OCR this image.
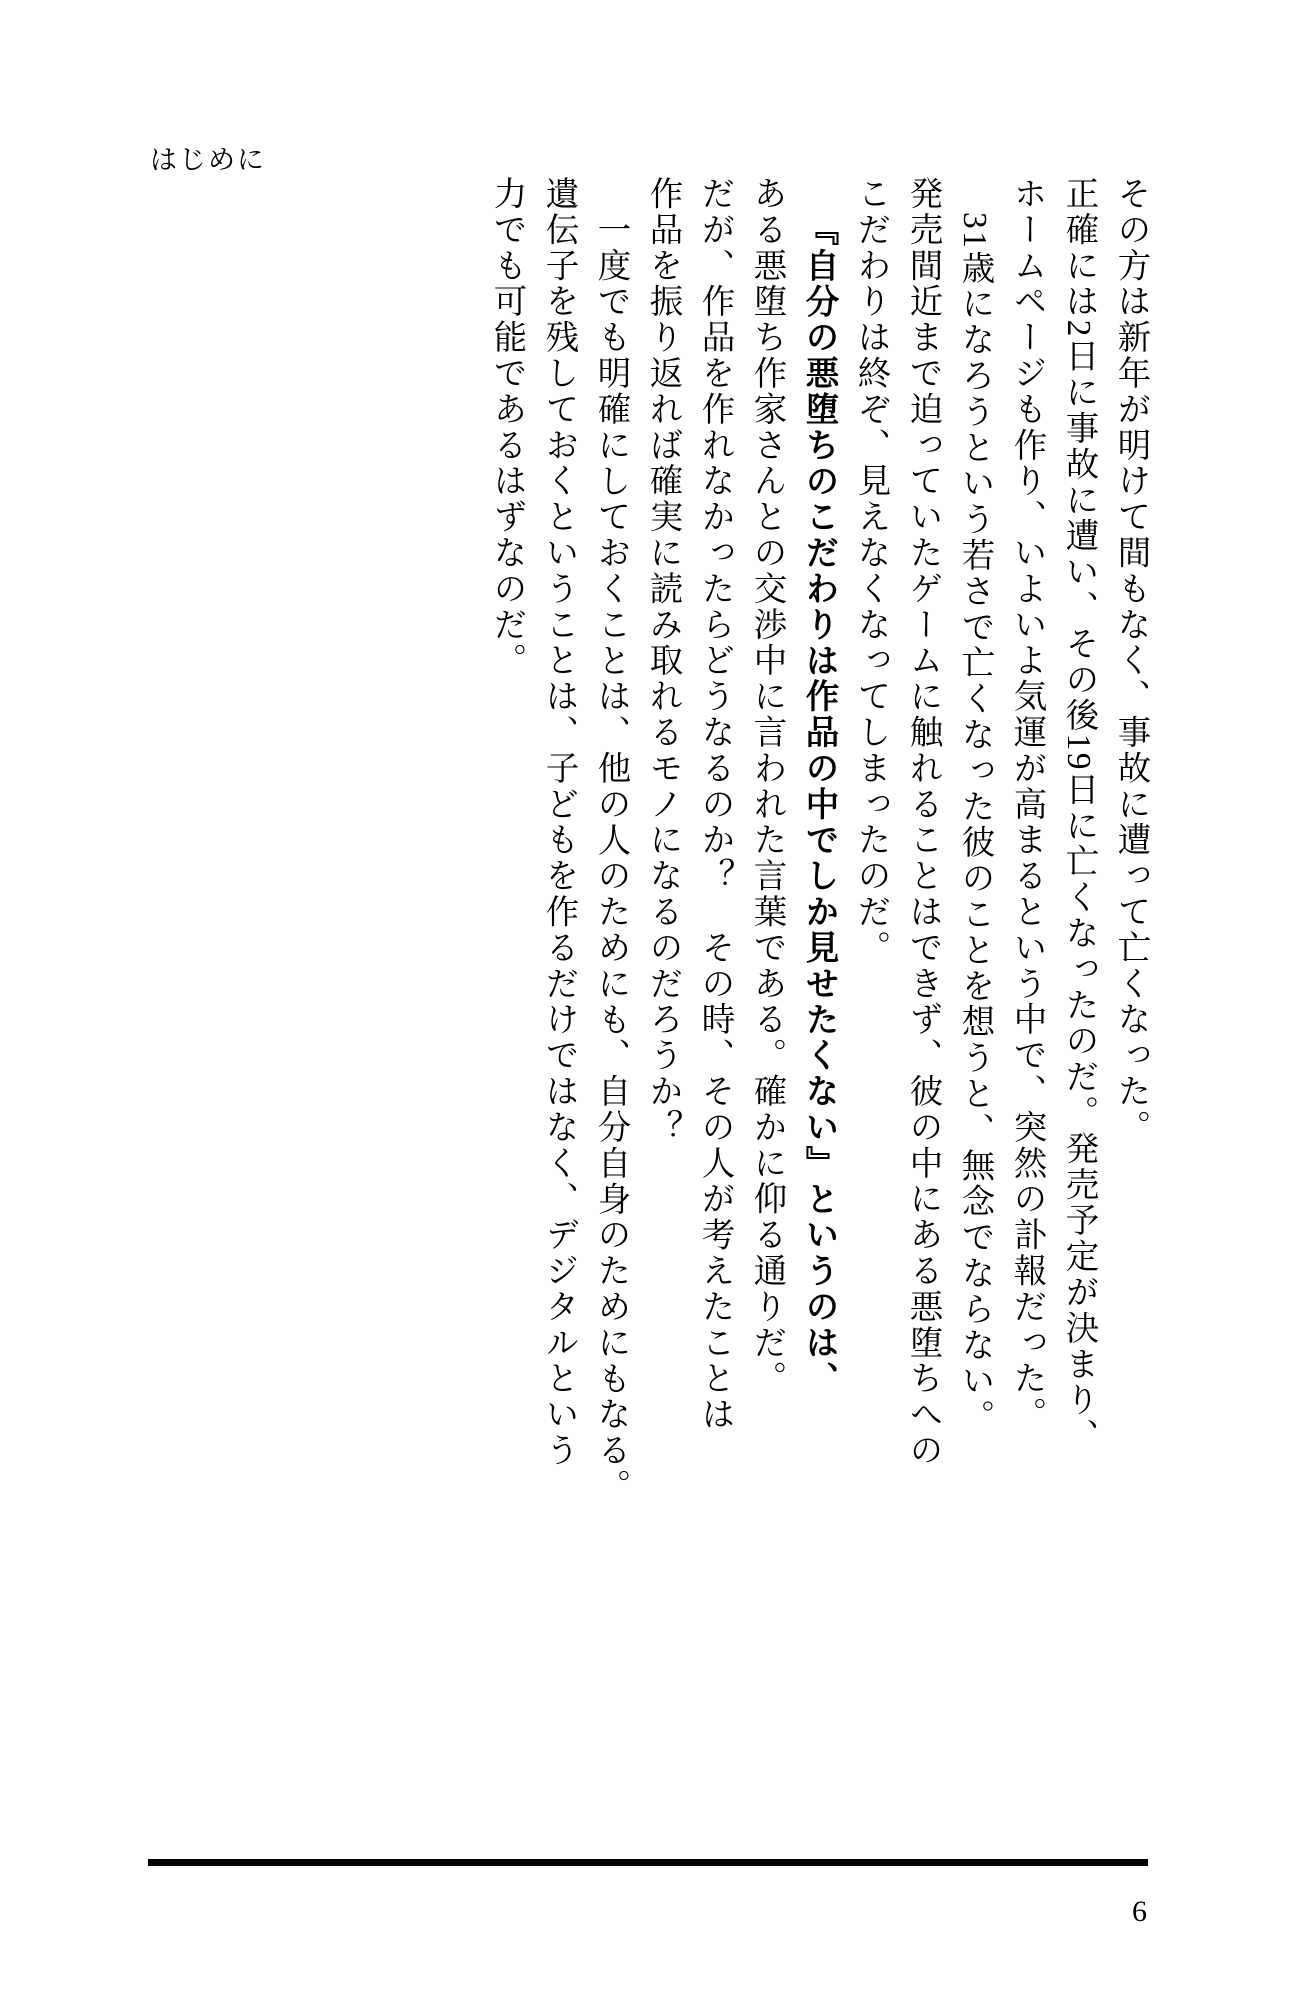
はじめに
その方は新年が明けて間もなく、事故に遭って亡くなった。
正確には2日に事故に遭い、その後19日に亡くなったのだ。発売予定が決まり、
ホームページも作り、いよいよ気運が高まるという中で、突然の訃報だった。
31歳になろうという若さで亡くなった彼のことを想うと、無念でならない。
発売間近まで迫っていたゲームに触れることはできず、彼の中にある悪堕ちへの
こだわりは終ぞ、見えなくなってしまったのだ。
『自分の悪堕ちのこだわりは作品の中でしか見せたくない』というのは、
ある悪堕ち作家さんとの交渉中に言われた言葉である。確かに仰る通りだ。
だが、作品を作れなかったらどうなるのか？　その時、その人が考えたことは
作品を振り返れば確実に読み取れるモノになるのだろうか？
一度でも明確にしておくことは、他の人のためにも、自分自身のためにもなる。
遺伝子を残しておくということは、子どもを作るだけではなく、デジタルという
力でも可能であるはずなのだ。
6
